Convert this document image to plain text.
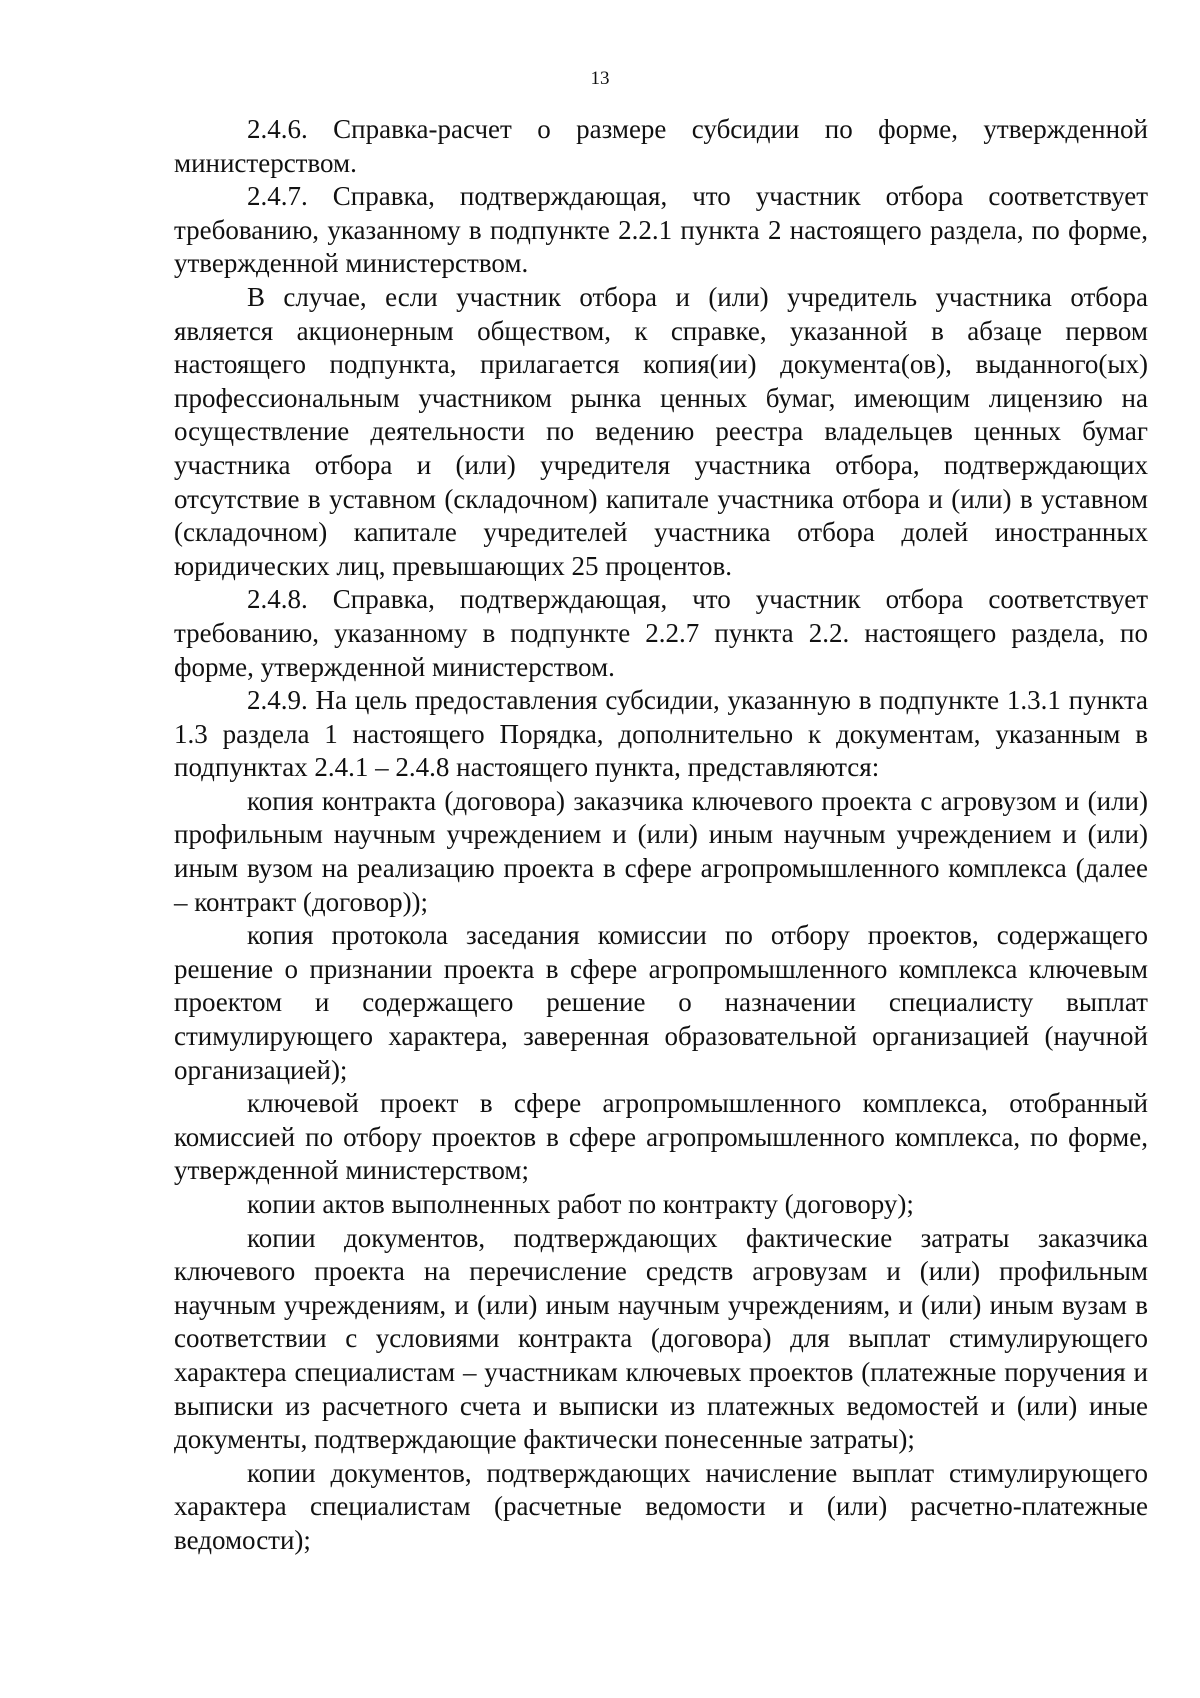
13

2.4.6. Справка-расчет о размере субсидии по форме, утвержденной министерством.

2.4.7. Справка, подтверждающая, что участник отбора соответствует требованию, указанному в подпункте 2.2.1 пункта 2 настоящего раздела, по форме, утвержденной министерством.

В случае, если участник отбора и (или) учредитель участника отбора является акционерным обществом, к справке, указанной в абзаце первом настоящего подпункта, прилагается копия(ии) документа(ов), выданного(ых) профессиональным участником рынка ценных бумаг, имеющим лицензию на осуществление деятельности по ведению реестра владельцев ценных бумаг участника отбора и (или) учредителя участника отбора, подтверждающих отсутствие в уставном (складочном) капитале участника отбора и (или) в уставном (складочном) капитале учредителей участника отбора долей иностранных юридических лиц, превышающих 25 процентов.

2.4.8. Справка, подтверждающая, что участник отбора соответствует требованию, указанному в подпункте 2.2.7 пункта 2.2. настоящего раздела, по форме, утвержденной министерством.

2.4.9. На цель предоставления субсидии, указанную в подпункте 1.3.1 пункта 1.3 раздела 1 настоящего Порядка, дополнительно к документам, указанным в подпунктах 2.4.1 – 2.4.8 настоящего пункта, представляются:

копия контракта (договора) заказчика ключевого проекта с агровузом и (или) профильным научным учреждением и (или) иным научным учреждением и (или) иным вузом на реализацию проекта в сфере агропромышленного комплекса (далее – контракт (договор));

копия протокола заседания комиссии по отбору проектов, содержащего решение о признании проекта в сфере агропромышленного комплекса ключевым проектом и содержащего решение о назначении специалисту выплат стимулирующего характера, заверенная образовательной организацией (научной организацией);

ключевой проект в сфере агропромышленного комплекса, отобранный комиссией по отбору проектов в сфере агропромышленного комплекса, по форме, утвержденной министерством;

копии актов выполненных работ по контракту (договору);

копии документов, подтверждающих фактические затраты заказчика ключевого проекта на перечисление средств агровузам и (или) профильным научным учреждениям, и (или) иным научным учреждениям, и (или) иным вузам в соответствии с условиями контракта (договора) для выплат стимулирующего характера специалистам – участникам ключевых проектов (платежные поручения и выписки из расчетного счета и выписки из платежных ведомостей и (или) иные документы, подтверждающие фактически понесенные затраты);

копии документов, подтверждающих начисление выплат стимулирующего характера специалистам (расчетные ведомости и (или) расчетно-платежные ведомости);
